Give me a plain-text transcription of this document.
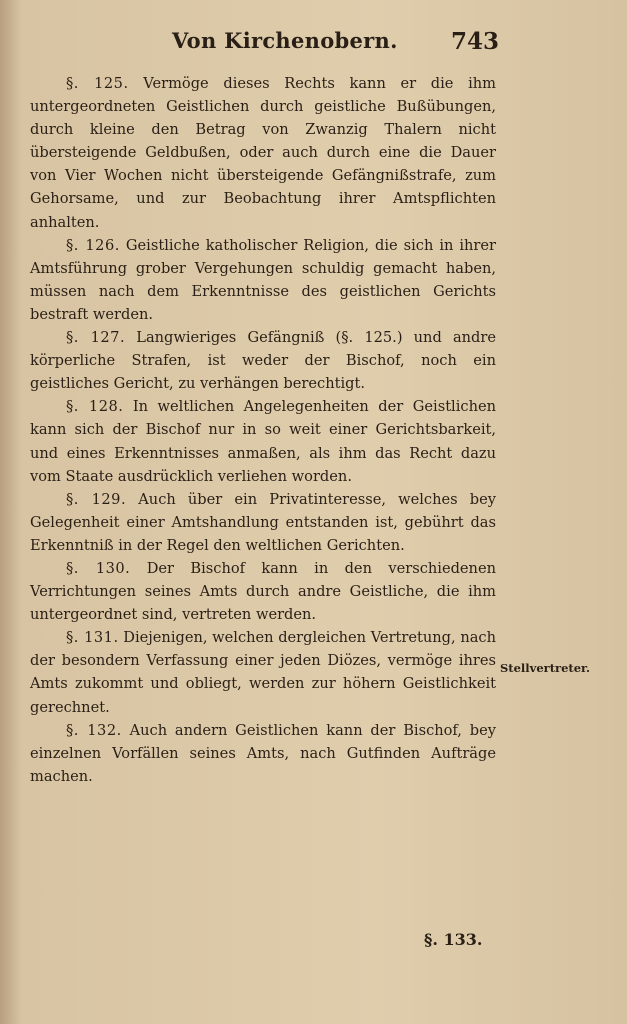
Von Kirchenobern. 743

§. 125. Vermöge dieses Rechts kann er die ihm untergeordneten Geistlichen durch geistliche Bußübungen, durch kleine den Betrag von Zwanzig Thalern nicht übersteigende Geldbußen, oder auch durch eine die Dauer von Vier Wochen nicht übersteigende Gefängnißstrafe, zum Gehorsame, und zur Beobachtung ihrer Amtspflichten anhalten.

§. 126. Geistliche katholischer Religion, die sich in ihrer Amtsführung grober Vergehungen schuldig gemacht haben, müssen nach dem Erkenntnisse des geistlichen Gerichts bestraft werden.

§. 127. Langwieriges Gefängniß (§. 125.) und andre körperliche Strafen, ist weder der Bischof, noch ein geistliches Gericht, zu verhängen berechtigt.

§. 128. In weltlichen Angelegenheiten der Geistlichen kann sich der Bischof nur in so weit einer Gerichtsbarkeit, und eines Erkenntnisses anmaßen, als ihm das Recht dazu vom Staate ausdrücklich verliehen worden.

§. 129. Auch über ein Privatinteresse, welches bey Gelegenheit einer Amtshandlung entstanden ist, gebührt das Erkenntniß in der Regel den weltlichen Gerichten.

§. 130. Der Bischof kann in den verschiedenen Verrichtungen seines Amts durch andre Geistliche, die ihm untergeordnet sind, vertreten werden.

§. 131. Diejenigen, welchen dergleichen Vertretung, nach der besondern Verfassung einer jeden Diözes, vermöge ihres Amts zukommt und obliegt, werden zur höhern Geistlichkeit gerechnet.

§. 132. Auch andern Geistlichen kann der Bischof, bey einzelnen Vorfällen seines Amts, nach Gutfinden Aufträge machen.

Stellvertreter.
§. 133.
